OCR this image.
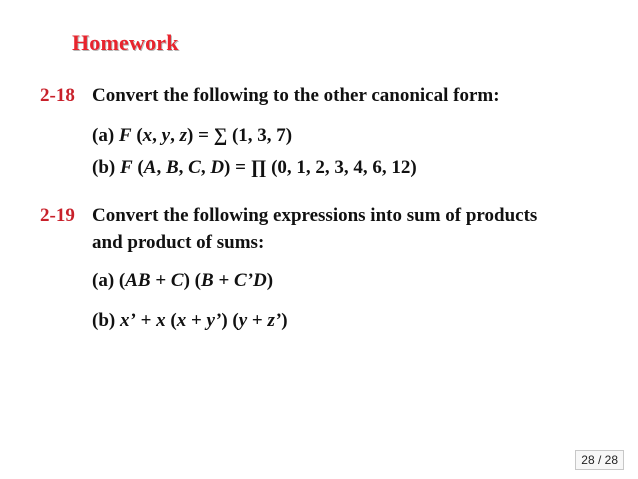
Homework
2-18 Convert the following to the other canonical form:
(a) F (x, y, z) = ∑ (1, 3, 7)
(b) F (A, B, C, D) = ∏ (0, 1, 2, 3, 4, 6, 12)
2-19 Convert the following expressions into sum of products
and product of sums:
(a) (AB + C) (B + C’D)
(b) x’ + x (x + y’) (y + z’)
28 / 28
